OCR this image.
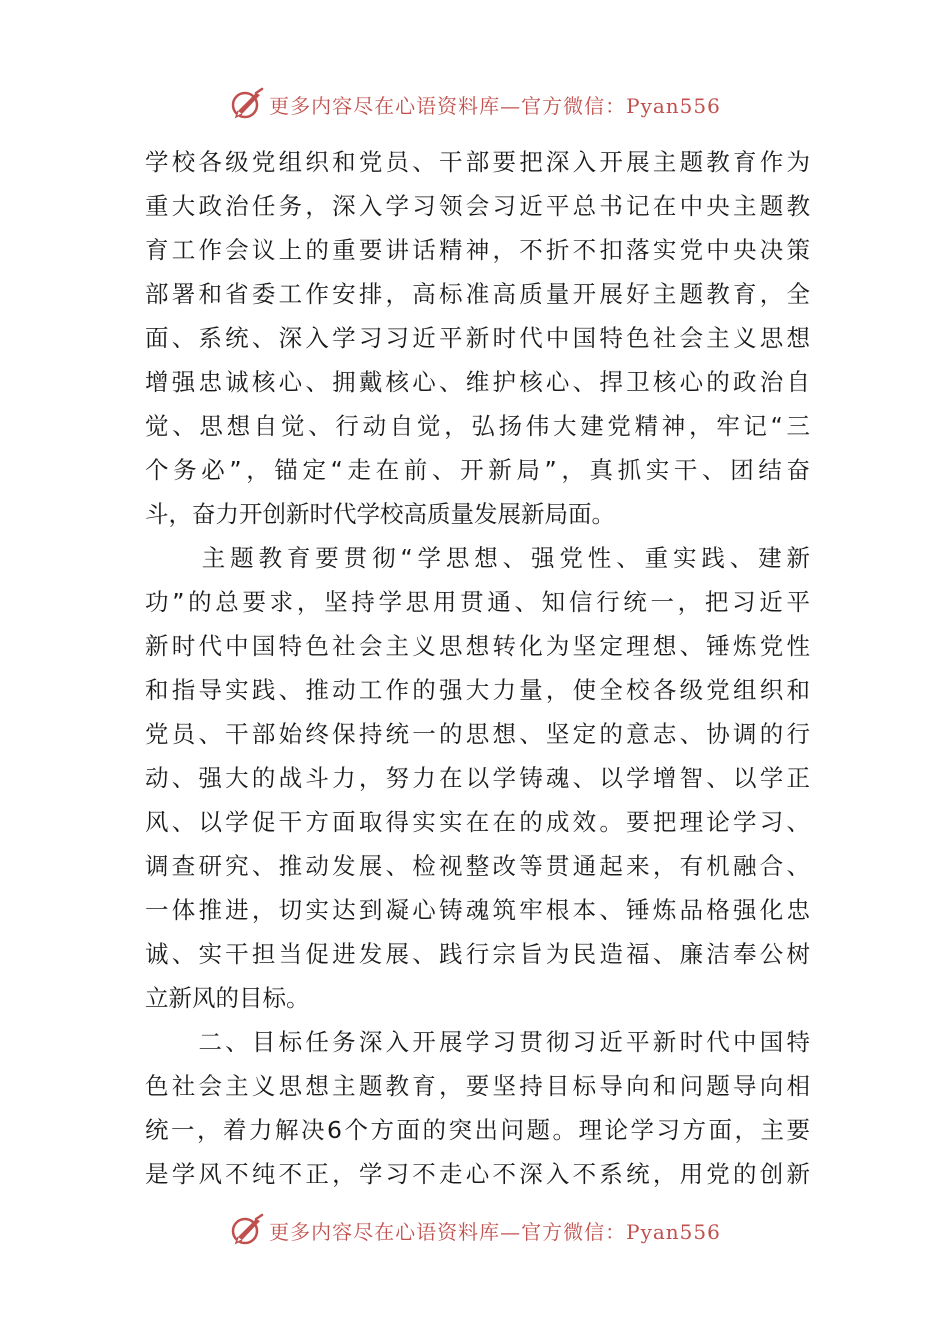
更多内容尽在心语资料库—官方微信：Pyan556
学校各级党组织和党员、干部要把深入开展主题教育作为
重大政治任务，深入学习领会习近平总书记在中央主题教
育工作会议上的重要讲话精神，不折不扣落实党中央决策
部署和省委工作安排，高标准高质量开展好主题教育，全
面、系统、深入学习习近平新时代中国特色社会主义思想
增强忠诚核心、拥戴核心、维护核心、捍卫核心的政治自
觉、思想自觉、行动自觉，弘扬伟大建党精神，牢记“三
个务必”，锚定“走在前、开新局”，真抓实干、团结奋
斗，奋力开创新时代学校高质量发展新局面。
　　主题教育要贯彻“学思想、强党性、重实践、建新
功”的总要求，坚持学思用贯通、知信行统一，把习近平
新时代中国特色社会主义思想转化为坚定理想、锤炼党性
和指导实践、推动工作的强大力量，使全校各级党组织和
党员、干部始终保持统一的思想、坚定的意志、协调的行
动、强大的战斗力，努力在以学铸魂、以学增智、以学正
风、以学促干方面取得实实在在的成效。要把理论学习、
调查研究、推动发展、检视整改等贯通起来，有机融合、
一体推进，切实达到凝心铸魂筑牢根本、锤炼品格强化忠
诚、实干担当促进发展、践行宗旨为民造福、廉洁奉公树
立新风的目标。
　　二、目标任务深入开展学习贯彻习近平新时代中国特
色社会主义思想主题教育，要坚持目标导向和问题导向相
统一，着力解决6个方面的突出问题。理论学习方面，主要
是学风不纯不正，学习不走心不深入不系统，用党的创新
更多内容尽在心语资料库—官方微信：Pyan556
